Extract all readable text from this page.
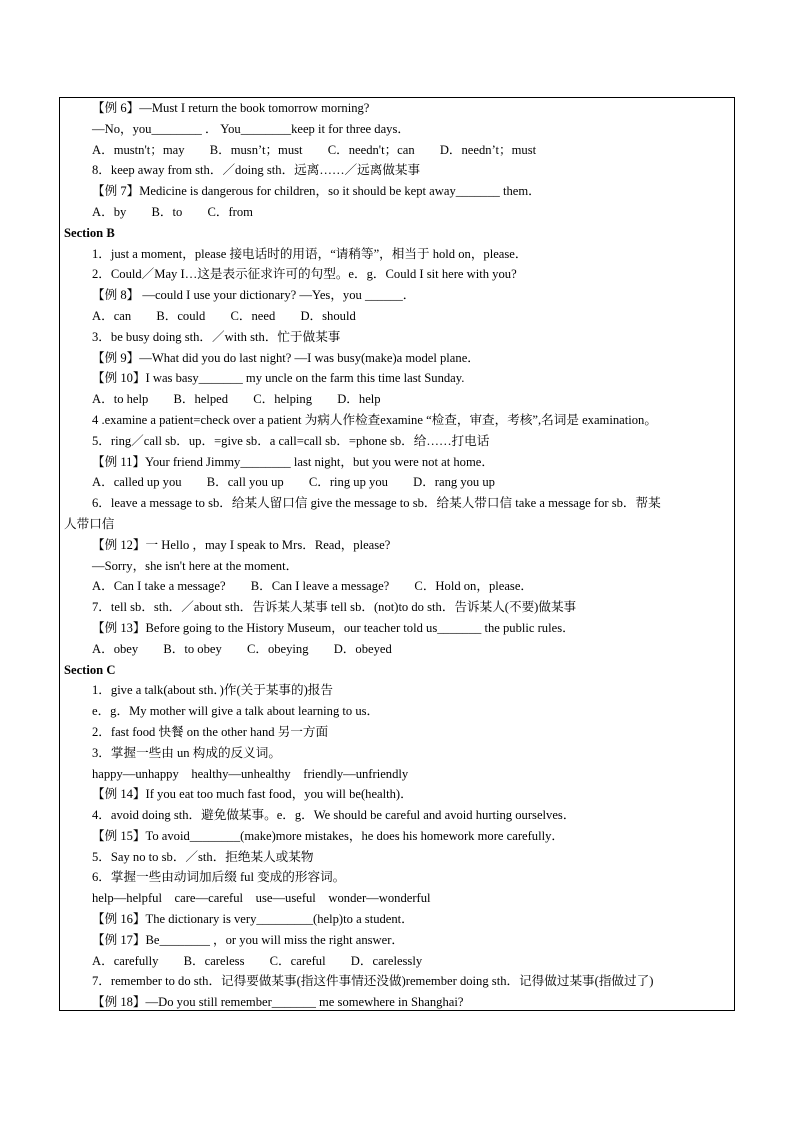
【例 6】—Must I return the book tomorrow morning?
—No，you________ ． You________keep it for three days．
A．mustn't；may　　B．musn’t；must　　C．needn't；can　　D．needn’t；must
8．keep away from sth．／doing sth．远离……／远离做某事
【例 7】Medicine is dangerous for children，so it should be kept away_______ them．
A．by　　B．to　　C．from
Section B
1．just a moment，please 接电话时的用语，“请稍等”，相当于 hold on，please．
2．Could／May I…这是表示征求许可的句型。e．g．Could I sit here with you?
【例 8】 —could I use your dictionary? —Yes，you ______．
A．can　　B．could　　C．need　　D．should
3．be busy doing sth．／with sth．忙于做某事
【例 9】—What did you do last night? —I was busy(make)a model plane．
【例 10】I was basy_______ my uncle on the farm this time last Sunday.
A．to help　　B．helped　　C．helping　　D．help
4 .examine a patient=check over a patient 为病人作检查examine “检查，审查，考核”,名词是 examination。
5．ring／call sb．up．=give sb．a call=call sb．=phone sb．给……打电话
【例 11】Your friend Jimmy________ last night，but you were not at home．
A．called up you　　B．call you up　　C．ring up you　　D．rang you up
6．leave a message to sb．给某人留口信 give the message to sb．给某人带口信 take a message for sb．帮某
人带口信
【例 12】一 Hello ，may I speak to Mrs．Read，please?
—Sorry，she isn't here at the moment．
A．Can I take a message?　　B．Can I leave a message?　　C．Hold on，please．
7．tell sb．sth．／about sth．告诉某人某事 tell sb．(not)to do sth．告诉某人(不要)做某事
【例 13】Before going to the History Museum，our teacher told us_______ the public rules．
A．obey　　B．to obey　　C．obeying　　D．obeyed
Section C
1．give a talk(about sth．)作(关于某事的)报告
e．g．My mother will give a talk about learning to us．
2．fast food 快餐 on the other hand 另一方面
3．掌握一些由 un 构成的反义词。
happy—unhappy　healthy—unhealthy　friendly—unfriendly
【例 14】If you eat too much fast food，you will be(health)．
4．avoid doing sth．避免做某事。e．g．We should be careful and avoid hurting ourselves．
【例 15】To avoid________(make)more mistakes，he does his homework more carefully．
5．Say no to sb．／sth．拒绝某人或某物
6．掌握一些由动词加后缀 ful 变成的形容词。
help—helpful　care—careful　use—useful　wonder—wonderful
【例 16】The dictionary is very_________(help)to a student．
【例 17】Be________ ，or you will miss the right answer．
A．carefully　　B．careless　　C．careful　　D．carelessly
7．remember to do sth．记得要做某事(指这件事情还没做)remember doing sth．记得做过某事(指做过了)
【例 18】—Do you still remember_______ me somewhere in Shanghai?
